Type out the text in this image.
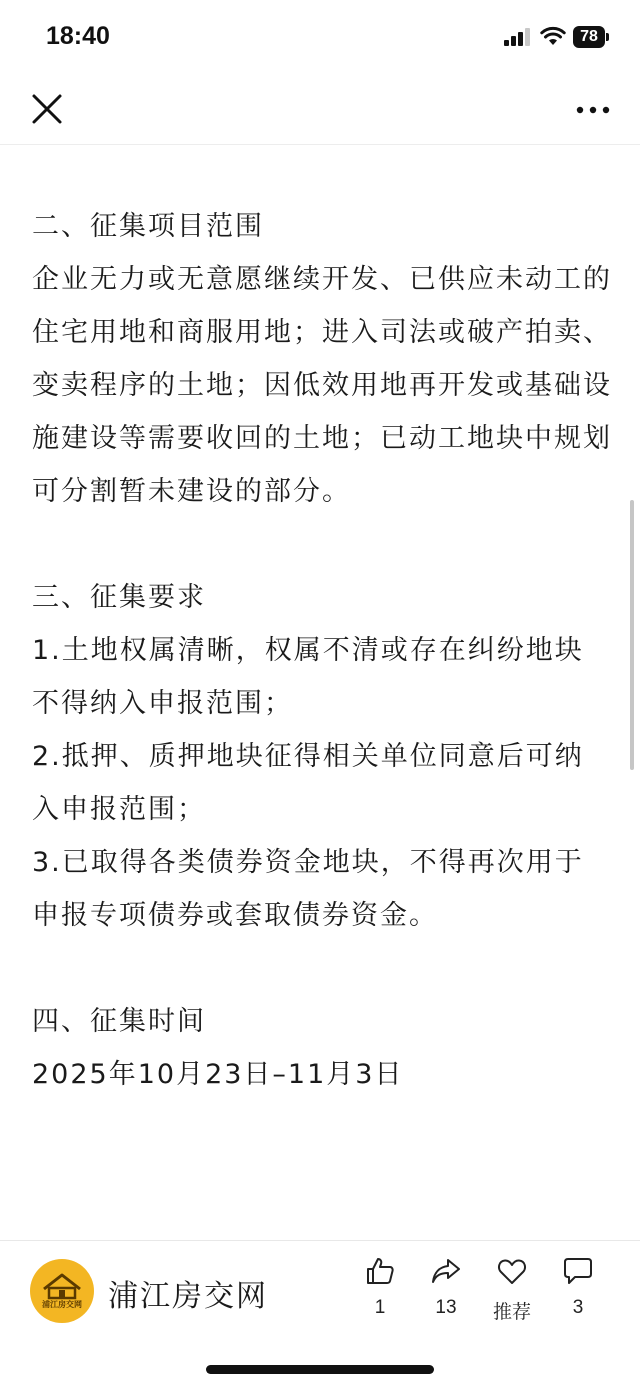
18:40	78

二、征集项目范围

企业无力或无意愿继续开发、已供应未动工的住宅用地和商服用地；进入司法或破产拍卖、变卖程序的土地；因低效用地再开发或基础设施建设等需要收回的土地；已动工地块中规划可分割暂未建设的部分。

三、征集要求

1.土地权属清晰，权属不清或存在纠纷地块不得纳入申报范围；

2.抵押、质押地块征得相关单位同意后可纳入申报范围；

3.已取得各类债券资金地块，不得再次用于申报专项债券或套取债券资金。

四、征集时间

2025年10月23日–11月3日

浦江房交网 浦江房交网	1	13	推荐	3
